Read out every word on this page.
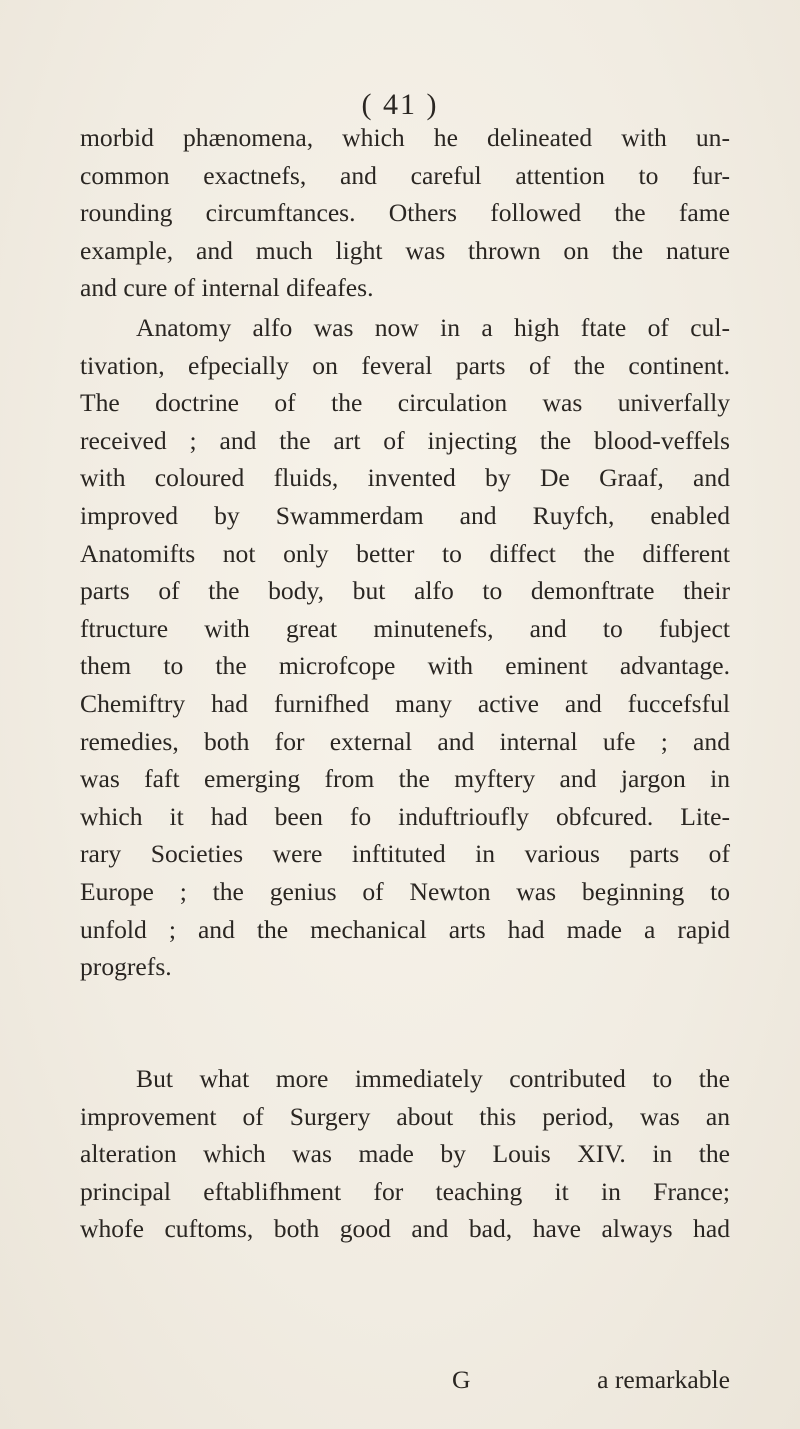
( 41 )
morbid phænomena, which he delineated with un-
common exactnefs, and careful attention to fur-
rounding circumftances. Others followed the fame
example, and much light was thrown on the nature
and cure of internal difeafes.
Anatomy alfo was now in a high ftate of cul-
tivation, efpecially on feveral parts of the continent.
The doctrine of the circulation was univerfally
received ; and the art of injecting the blood-veffels
with coloured fluids, invented by De Graaf, and
improved by Swammerdam and Ruyfch, enabled
Anatomifts not only better to diffect the different
parts of the body, but alfo to demonftrate their
ftructure with great minutenefs, and to fubject
them to the microfcope with eminent advantage.
Chemiftry had furnifhed many active and fuccefsful
remedies, both for external and internal ufe ; and
was faft emerging from the myftery and jargon in
which it had been fo induftrioufly obfcured. Lite-
rary Societies were inftituted in various parts of
Europe ; the genius of Newton was beginning to
unfold ; and the mechanical arts had made a rapid
progrefs.
But what more immediately contributed to the
improvement of Surgery about this period, was an
alteration which was made by Louis XIV. in the
principal eftablifhment for teaching it in France;
whofe cuftoms, both good and bad, have always had
G	a remarkable
